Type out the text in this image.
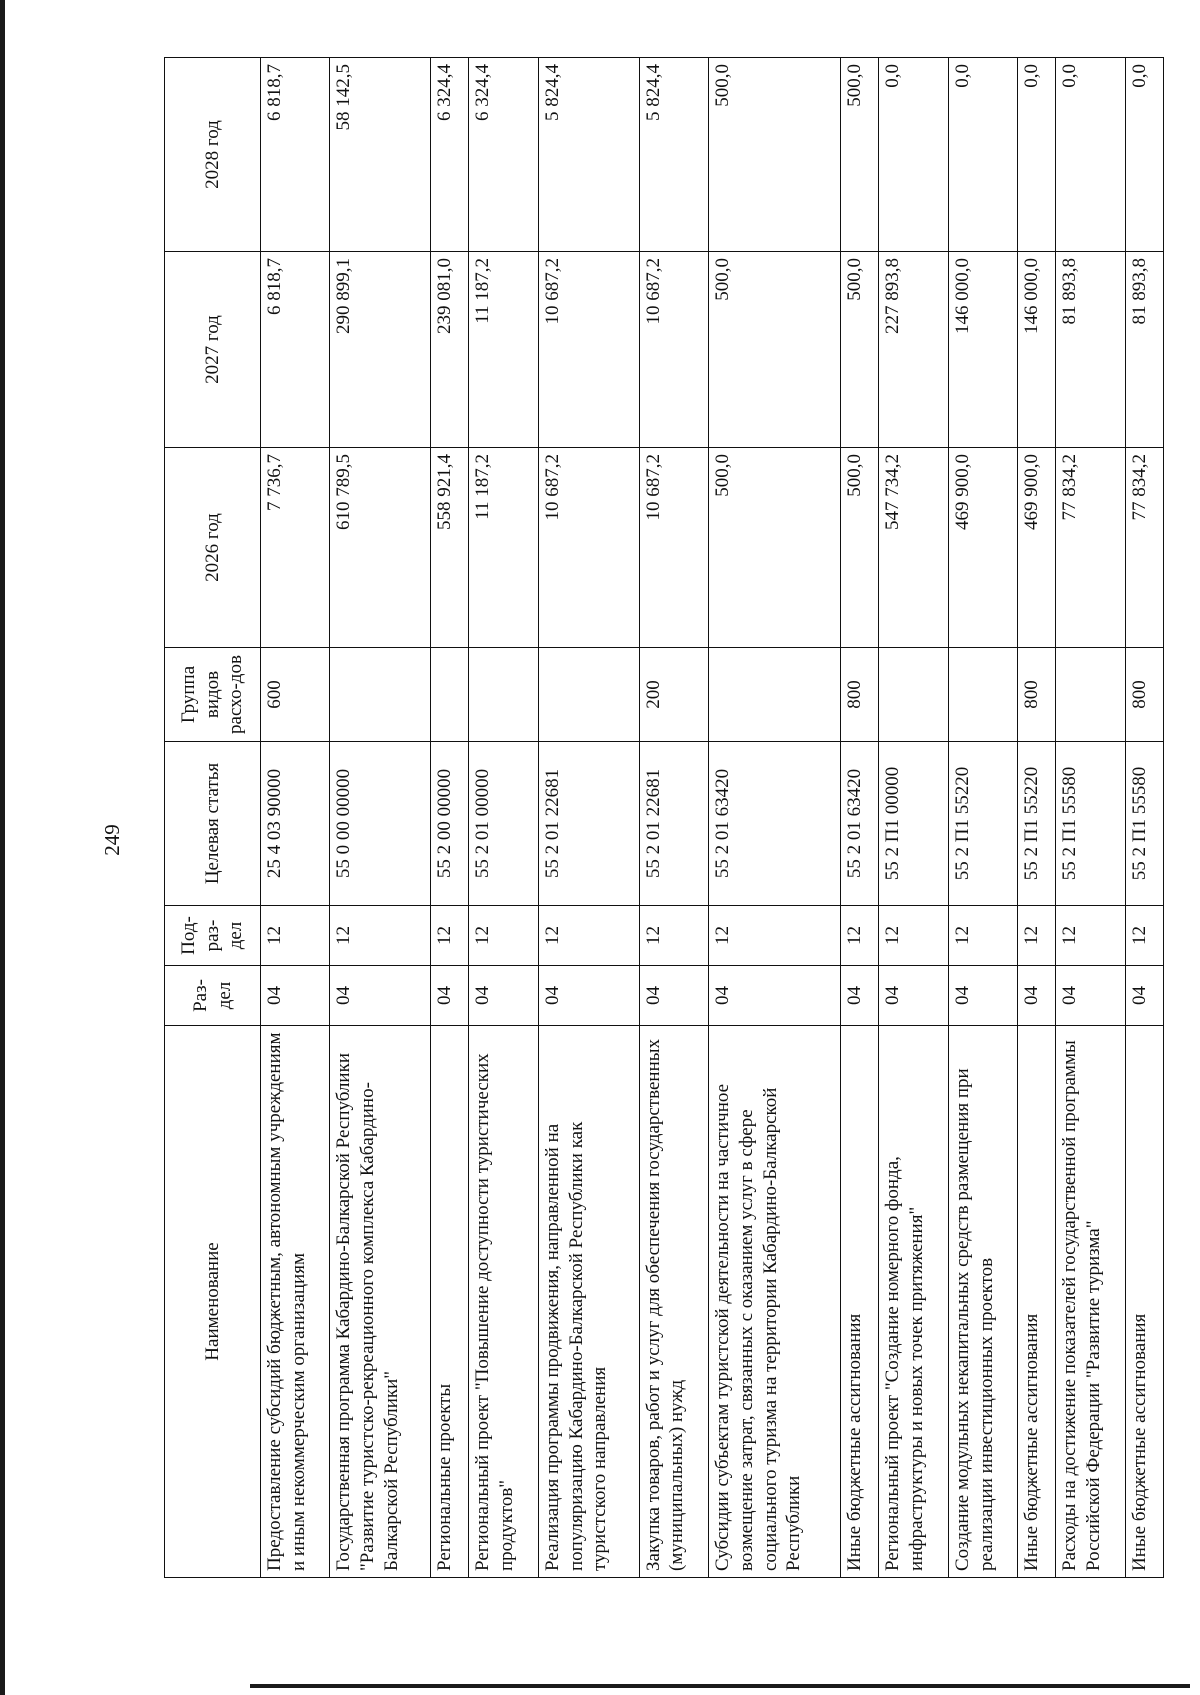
249
Наименование	Раз-дел	Под-раз-дел	Целевая статья	Группа видов расхо-дов	2026 год	2027 год	2028 год
Предоставление субсидий бюджетным, автономным учреждениям и иным некоммерческим организациям	04	12	25 4 03 90000	600	7 736,7	6 818,7	6 818,7
Государственная программа Кабардино-Балкарской Республики "Развитие туристско-рекреационного комплекса Кабардино-Балкарской Республики"	04	12	55 0 00 00000		610 789,5	290 899,1	58 142,5
Региональные проекты	04	12	55 2 00 00000		558 921,4	239 081,0	6 324,4
Региональный проект "Повышение доступности туристических продуктов"	04	12	55 2 01 00000		11 187,2	11 187,2	6 324,4
Реализация программы продвижения, направленной на популяризацию Кабардино-Балкарской Республики как туристского направления	04	12	55 2 01 22681		10 687,2	10 687,2	5 824,4
Закупка товаров, работ и услуг для обеспечения государственных (муниципальных) нужд	04	12	55 2 01 22681	200	10 687,2	10 687,2	5 824,4
Субсидии субъектам туристской деятельности на частичное возмещение затрат, связанных с оказанием услуг в сфере социального туризма на территории Кабардино-Балкарской Республики	04	12	55 2 01 63420		500,0	500,0	500,0
Иные бюджетные ассигнования	04	12	55 2 01 63420	800	500,0	500,0	500,0
Региональный проект "Создание номерного фонда, инфраструктуры и новых точек притяжения"	04	12	55 2 П1 00000		547 734,2	227 893,8	0,0
Создание модульных некапитальных средств размещения при реализации инвестиционных проектов	04	12	55 2 П1 55220		469 900,0	146 000,0	0,0
Иные бюджетные ассигнования	04	12	55 2 П1 55220	800	469 900,0	146 000,0	0,0
Расходы на достижение показателей государственной программы Российской Федерации "Развитие туризма"	04	12	55 2 П1 55580		77 834,2	81 893,8	0,0
Иные бюджетные ассигнования	04	12	55 2 П1 55580	800	77 834,2	81 893,8	0,0
